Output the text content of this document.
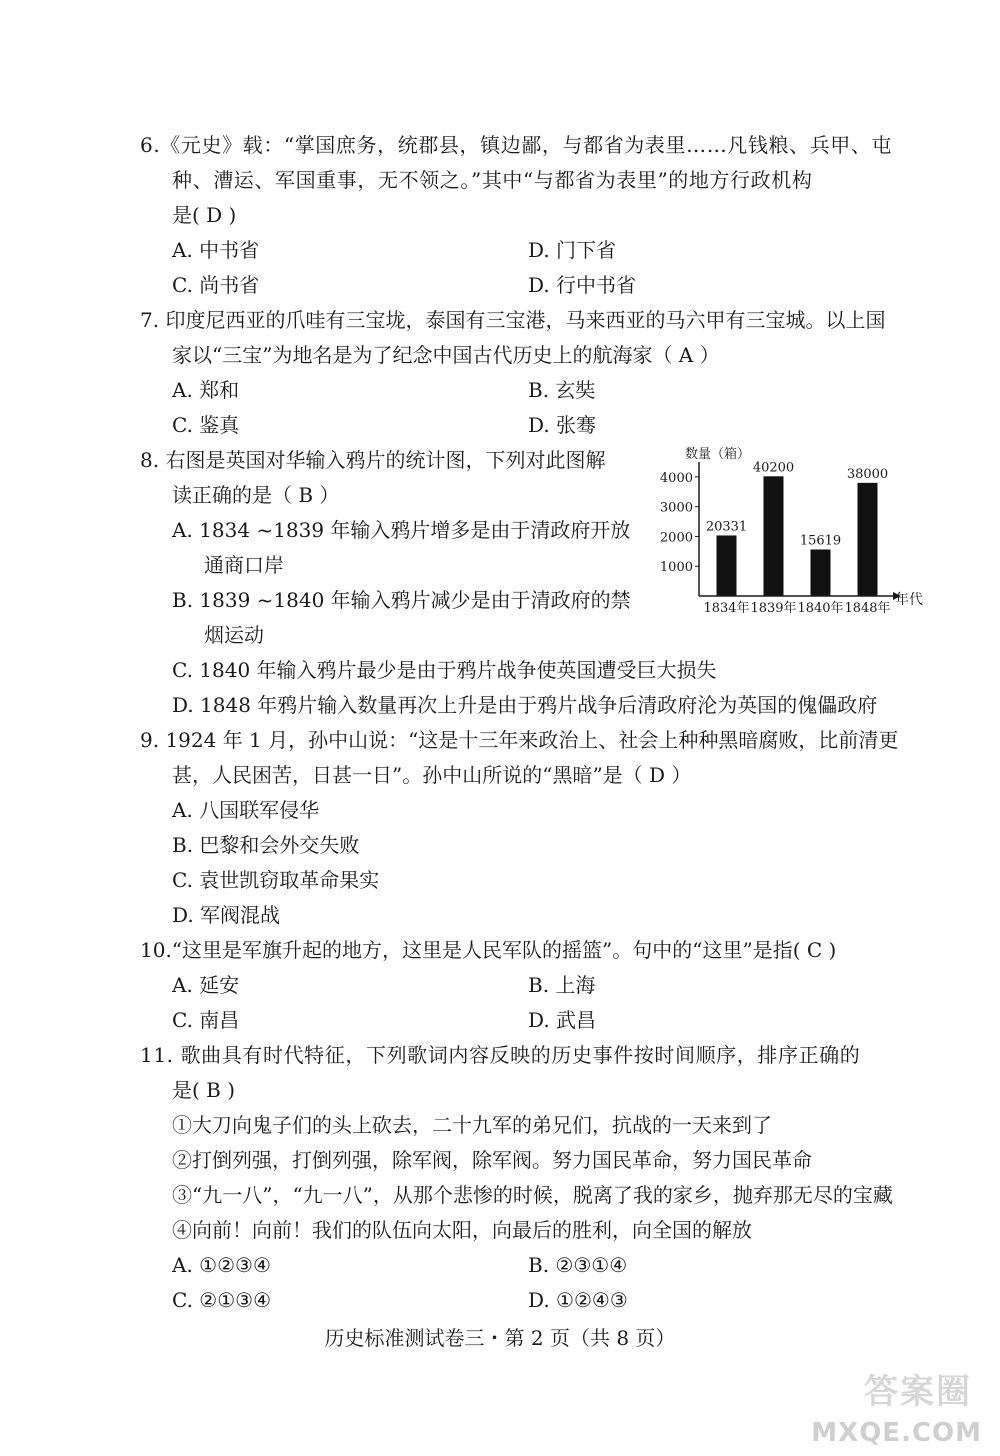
6.《元史》载：“掌国庶务，统郡县，镇边鄙，与都省为表里……凡钱粮、兵甲、屯
种、漕运、军国重事，无不领之。”其中“与都省为表里”的地方行政机构
是( D )
A. 中书省	D. 门下省
C. 尚书省	D. 行中书省
7. 印度尼西亚的爪哇有三宝垅，泰国有三宝港，马来西亚的马六甲有三宝城。以上国
家以“三宝”为地名是为了纪念中国古代历史上的航海家（ A ）
A. 郑和	B. 玄奘
C. 鉴真	D. 张骞
8. 右图是英国对华输入鸦片的统计图，下列对此图解
读正确的是（ B ）
A. 1834 ~1839 年输入鸦片增多是由于清政府开放
通商口岸
B. 1839 ~1840 年输入鸦片减少是由于清政府的禁
烟运动
C. 1840 年输入鸦片最少是由于鸦片战争使英国遭受巨大损失
D. 1848 年鸦片输入数量再次上升是由于鸦片战争后清政府沦为英国的傀儡政府
数量（箱）
1000
2000
3000
4000
20331
40200
15619
38000
年代
1834年 1839年 1840年 1848年
9. 1924 年 1 月，孙中山说：“这是十三年来政治上、社会上种种黑暗腐败，比前清更
甚，人民困苦，日甚一日”。孙中山所说的“黑暗”是（ D ）
A. 八国联军侵华
B. 巴黎和会外交失败
C. 袁世凯窃取革命果实
D. 军阀混战
10.“这里是军旗升起的地方，这里是人民军队的摇篮”。句中的“这里”是指( C )
A. 延安	B. 上海
C. 南昌	D. 武昌
11. 歌曲具有时代特征，下列歌词内容反映的历史事件按时间顺序，排序正确的
是( B )
①大刀向鬼子们的头上砍去，二十九军的弟兄们，抗战的一天来到了
②打倒列强，打倒列强，除军阀，除军阀。努力国民革命，努力国民革命
③“九一八”，“九一八”，从那个悲惨的时候，脱离了我的家乡，抛弃那无尽的宝藏
④向前！向前！我们的队伍向太阳，向最后的胜利，向全国的解放
A. ①②③④	B. ②③①④
C. ②①③④	D. ①②④③
历史标准测试卷三・第 2 页（共 8 页）
答案圈
MXQE.COM
